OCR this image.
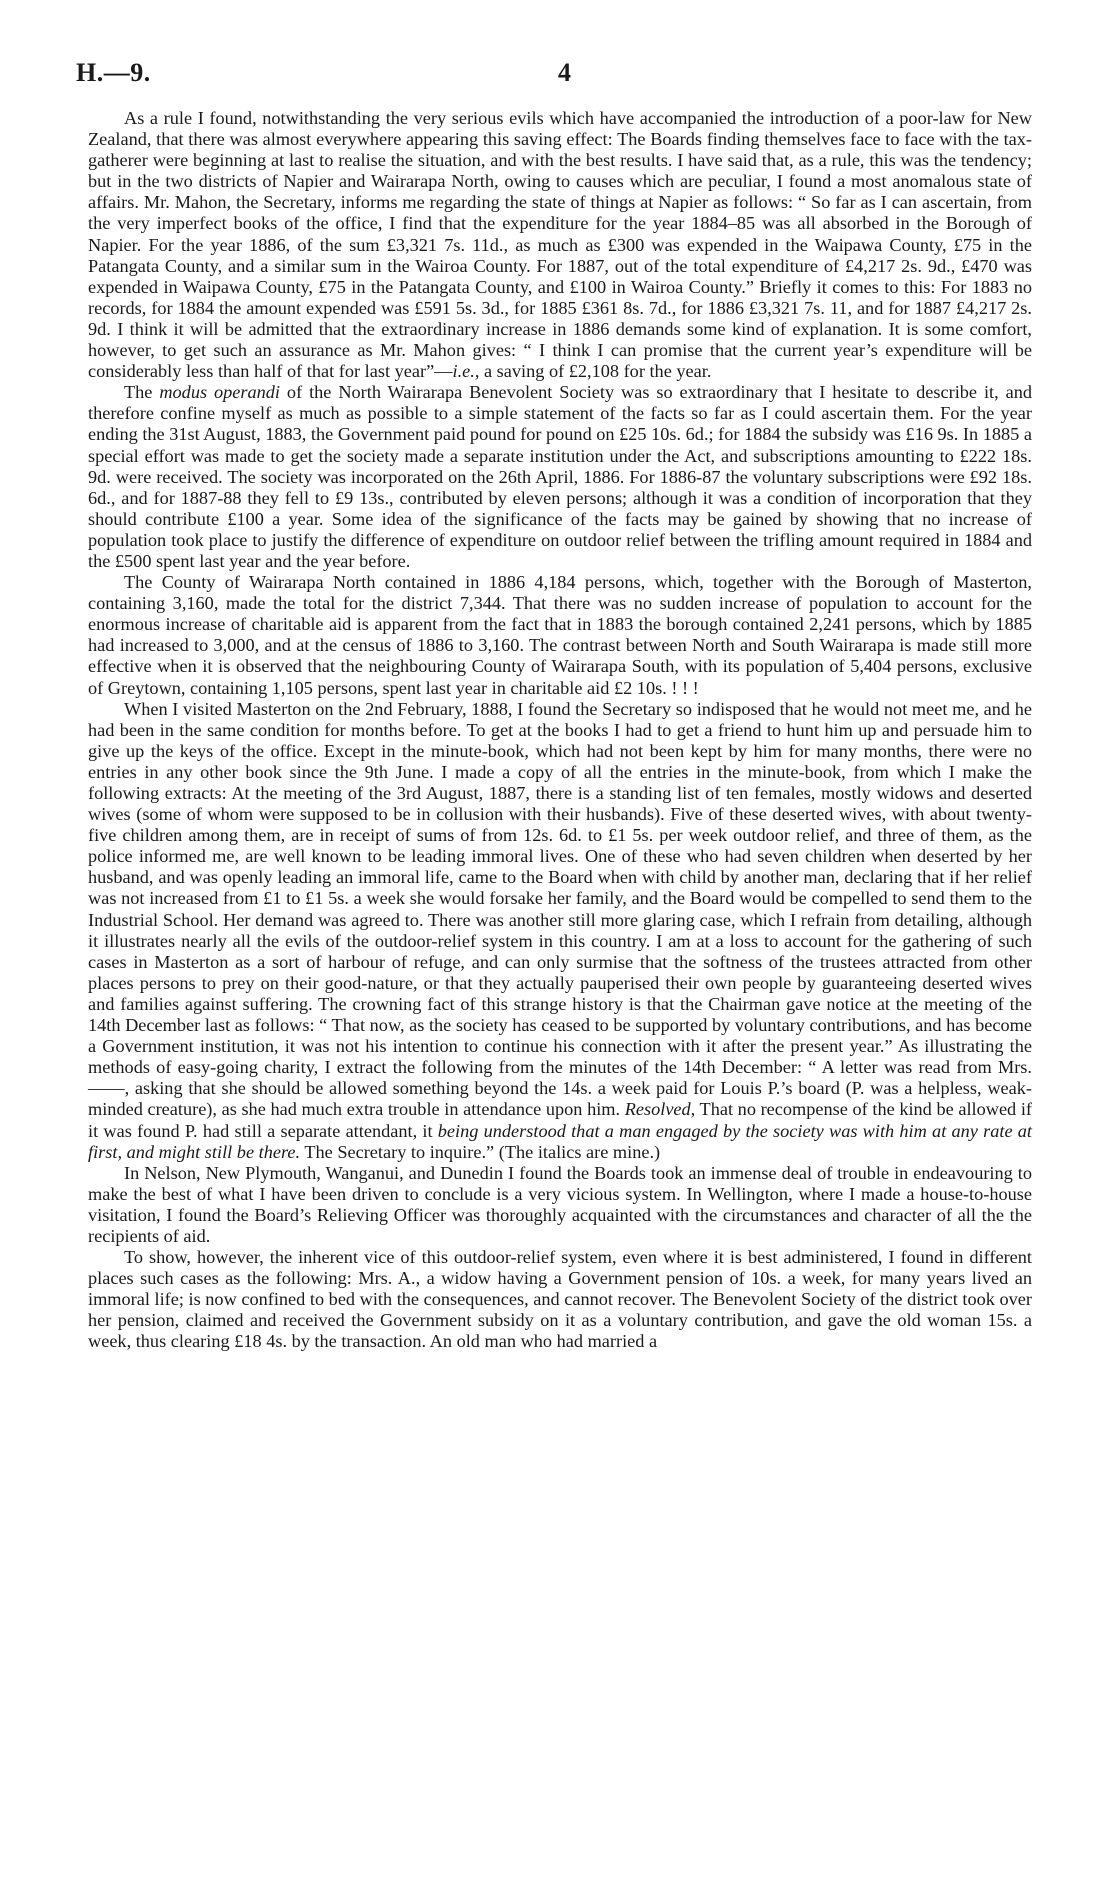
H.—9.	4

As a rule I found, notwithstanding the very serious evils which have accompanied the introduction of a poor-law for New Zealand, that there was almost everywhere appearing this saving effect: The Boards finding themselves face to face with the tax-gatherer were beginning at last to realise the situation, and with the best results. I have said that, as a rule, this was the tendency; but in the two districts of Napier and Wairarapa North, owing to causes which are peculiar, I found a most anomalous state of affairs. Mr. Mahon, the Secretary, informs me regarding the state of things at Napier as follows: “ So far as I can ascertain, from the very imperfect books of the office, I find that the expenditure for the year 1884–85 was all absorbed in the Borough of Napier. For the year 1886, of the sum £3,321 7s. 11d., as much as £300 was expended in the Waipawa County, £75 in the Patangata County, and a similar sum in the Wairoa County. For 1887, out of the total expenditure of £4,217 2s. 9d., £470 was expended in Waipawa County, £75 in the Patangata County, and £100 in Wairoa County.” Briefly it comes to this: For 1883 no records, for 1884 the amount expended was £591 5s. 3d., for 1885 £361 8s. 7d., for 1886 £3,321 7s. 11, and for 1887 £4,217 2s. 9d. I think it will be admitted that the extraordinary increase in 1886 demands some kind of explanation. It is some comfort, however, to get such an assurance as Mr. Mahon gives: “ I think I can promise that the current year’s expenditure will be considerably less than half of that for last year”—i.e., a saving of £2,108 for the year.

The modus operandi of the North Wairarapa Benevolent Society was so extraordinary that I hesitate to describe it, and therefore confine myself as much as possible to a simple statement of the facts so far as I could ascertain them. For the year ending the 31st August, 1883, the Government paid pound for pound on £25 10s. 6d.; for 1884 the subsidy was £16 9s. In 1885 a special effort was made to get the society made a separate institution under the Act, and subscriptions amounting to £222 18s. 9d. were received. The society was incorporated on the 26th April, 1886. For 1886-87 the voluntary subscriptions were £92 18s. 6d., and for 1887-88 they fell to £9 13s., contributed by eleven persons; although it was a condition of incorporation that they should contribute £100 a year. Some idea of the significance of the facts may be gained by showing that no increase of population took place to justify the difference of expenditure on outdoor relief between the trifling amount required in 1884 and the £500 spent last year and the year before.

The County of Wairarapa North contained in 1886 4,184 persons, which, together with the Borough of Masterton, containing 3,160, made the total for the district 7,344. That there was no sudden increase of population to account for the enormous increase of charitable aid is apparent from the fact that in 1883 the borough contained 2,241 persons, which by 1885 had increased to 3,000, and at the census of 1886 to 3,160. The contrast between North and South Wairarapa is made still more effective when it is observed that the neighbouring County of Wairarapa South, with its population of 5,404 persons, exclusive of Greytown, containing 1,105 persons, spent last year in charitable aid £2 10s. ! ! !

When I visited Masterton on the 2nd February, 1888, I found the Secretary so indisposed that he would not meet me, and he had been in the same condition for months before. To get at the books I had to get a friend to hunt him up and persuade him to give up the keys of the office. Except in the minute-book, which had not been kept by him for many months, there were no entries in any other book since the 9th June. I made a copy of all the entries in the minute-book, from which I make the following extracts: At the meeting of the 3rd August, 1887, there is a standing list of ten females, mostly widows and deserted wives (some of whom were supposed to be in collusion with their husbands). Five of these deserted wives, with about twenty-five children among them, are in receipt of sums of from 12s. 6d. to £1 5s. per week outdoor relief, and three of them, as the police informed me, are well known to be leading immoral lives. One of these who had seven children when deserted by her husband, and was openly leading an immoral life, came to the Board when with child by another man, declaring that if her relief was not increased from £1 to £1 5s. a week she would forsake her family, and the Board would be compelled to send them to the Industrial School. Her demand was agreed to. There was another still more glaring case, which I refrain from detailing, although it illustrates nearly all the evils of the outdoor-relief system in this country. I am at a loss to account for the gathering of such cases in Masterton as a sort of harbour of refuge, and can only surmise that the softness of the trustees attracted from other places persons to prey on their good-nature, or that they actually pauperised their own people by guaranteeing deserted wives and families against suffering. The crowning fact of this strange history is that the Chairman gave notice at the meeting of the 14th December last as follows: “ That now, as the society has ceased to be supported by voluntary contributions, and has become a Government institution, it was not his intention to continue his connection with it after the present year.” As illustrating the methods of easy-going charity, I extract the following from the minutes of the 14th December: “ A letter was read from Mrs. ——, asking that she should be allowed something beyond the 14s. a week paid for Louis P.’s board (P. was a helpless, weak-minded creature), as she had much extra trouble in attendance upon him. Resolved, That no recompense of the kind be allowed if it was found P. had still a separate attendant, it being understood that a man engaged by the society was with him at any rate at first, and might still be there. The Secretary to inquire.” (The italics are mine.)

In Nelson, New Plymouth, Wanganui, and Dunedin I found the Boards took an immense deal of trouble in endeavouring to make the best of what I have been driven to conclude is a very vicious system. In Wellington, where I made a house-to-house visitation, I found the Board’s Relieving Officer was thoroughly acquainted with the circumstances and character of all the the recipients of aid.

To show, however, the inherent vice of this outdoor-relief system, even where it is best administered, I found in different places such cases as the following: Mrs. A., a widow having a Government pension of 10s. a week, for many years lived an immoral life; is now confined to bed with the consequences, and cannot recover. The Benevolent Society of the district took over her pension, claimed and received the Government subsidy on it as a voluntary contribution, and gave the old woman 15s. a week, thus clearing £18 4s. by the transaction. An old man who had married a
